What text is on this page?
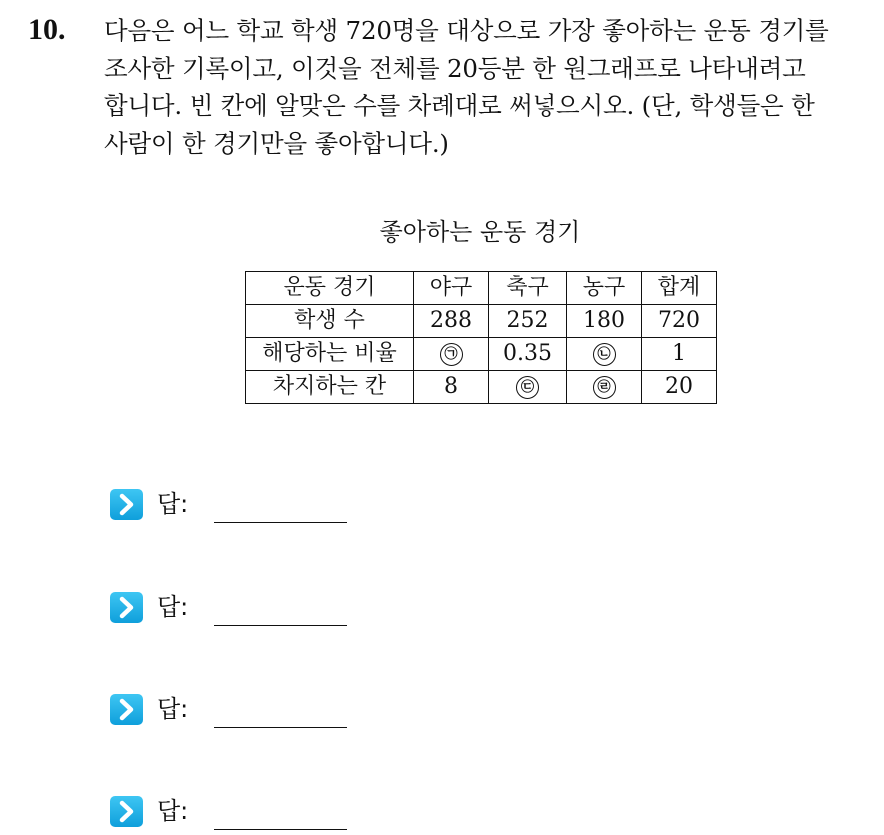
10. 다음은 어느 학교 학생 720명을 대상으로 가장 좋아하는 운동 경기를
조사한 기록이고, 이것을 전체를 20등분 한 원그래프로 나타내려고
합니다. 빈 칸에 알맞은 수를 차례대로 써넣으시오. (단, 학생들은 한
사람이 한 경기만을 좋아합니다.)
좋아하는 운동 경기
운동 경기	야구	축구	농구	합계
학생 수	288	252	180	720
해당하는 비율	㉠	0.35	㉡	1
차지하는 칸	8	㉢	㉣	20
답:
답:
답:
답:
